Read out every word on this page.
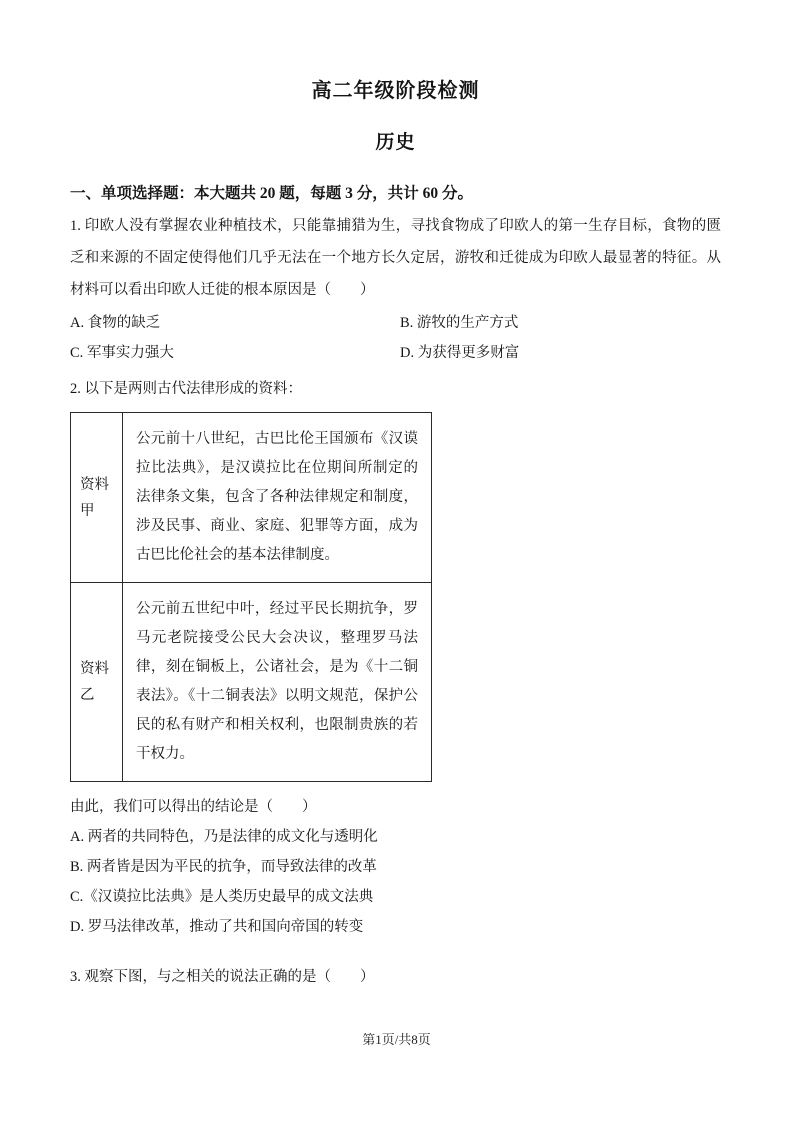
高二年级阶段检测
历史

一、单项选择题：本大题共 20 题，每题 3 分，共计 60 分。

1. 印欧人没有掌握农业种植技术，只能靠捕猎为生，寻找食物成了印欧人的第一生存目标，食物的匮乏和来源的不固定使得他们几乎无法在一个地方长久定居，游牧和迁徙成为印欧人最显著的特征。从材料可以看出印欧人迁徙的根本原因是（　　）

A. 食物的缺乏	B. 游牧的生产方式
C. 军事实力强大	D. 为获得更多财富

2. 以下是两则古代法律形成的资料：

资料甲	公元前十八世纪，古巴比伦王国颁布《汉谟拉比法典》，是汉谟拉比在位期间所制定的法律条文集，包含了各种法律规定和制度，涉及民事、商业、家庭、犯罪等方面，成为古巴比伦社会的基本法律制度。
资料乙	公元前五世纪中叶，经过平民长期抗争，罗马元老院接受公民大会决议，整理罗马法律，刻在铜板上，公诸社会，是为《十二铜表法》。《十二铜表法》以明文规范，保护公民的私有财产和相关权利，也限制贵族的若干权力。

由此，我们可以得出的结论是（　　）

A. 两者的共同特色，乃是法律的成文化与透明化
B. 两者皆是因为平民的抗争，而导致法律的改革
C.《汉谟拉比法典》是人类历史最早的成文法典
D. 罗马法律改革，推动了共和国向帝国的转变

3. 观察下图，与之相关的说法正确的是（　　）

第1页/共8页
